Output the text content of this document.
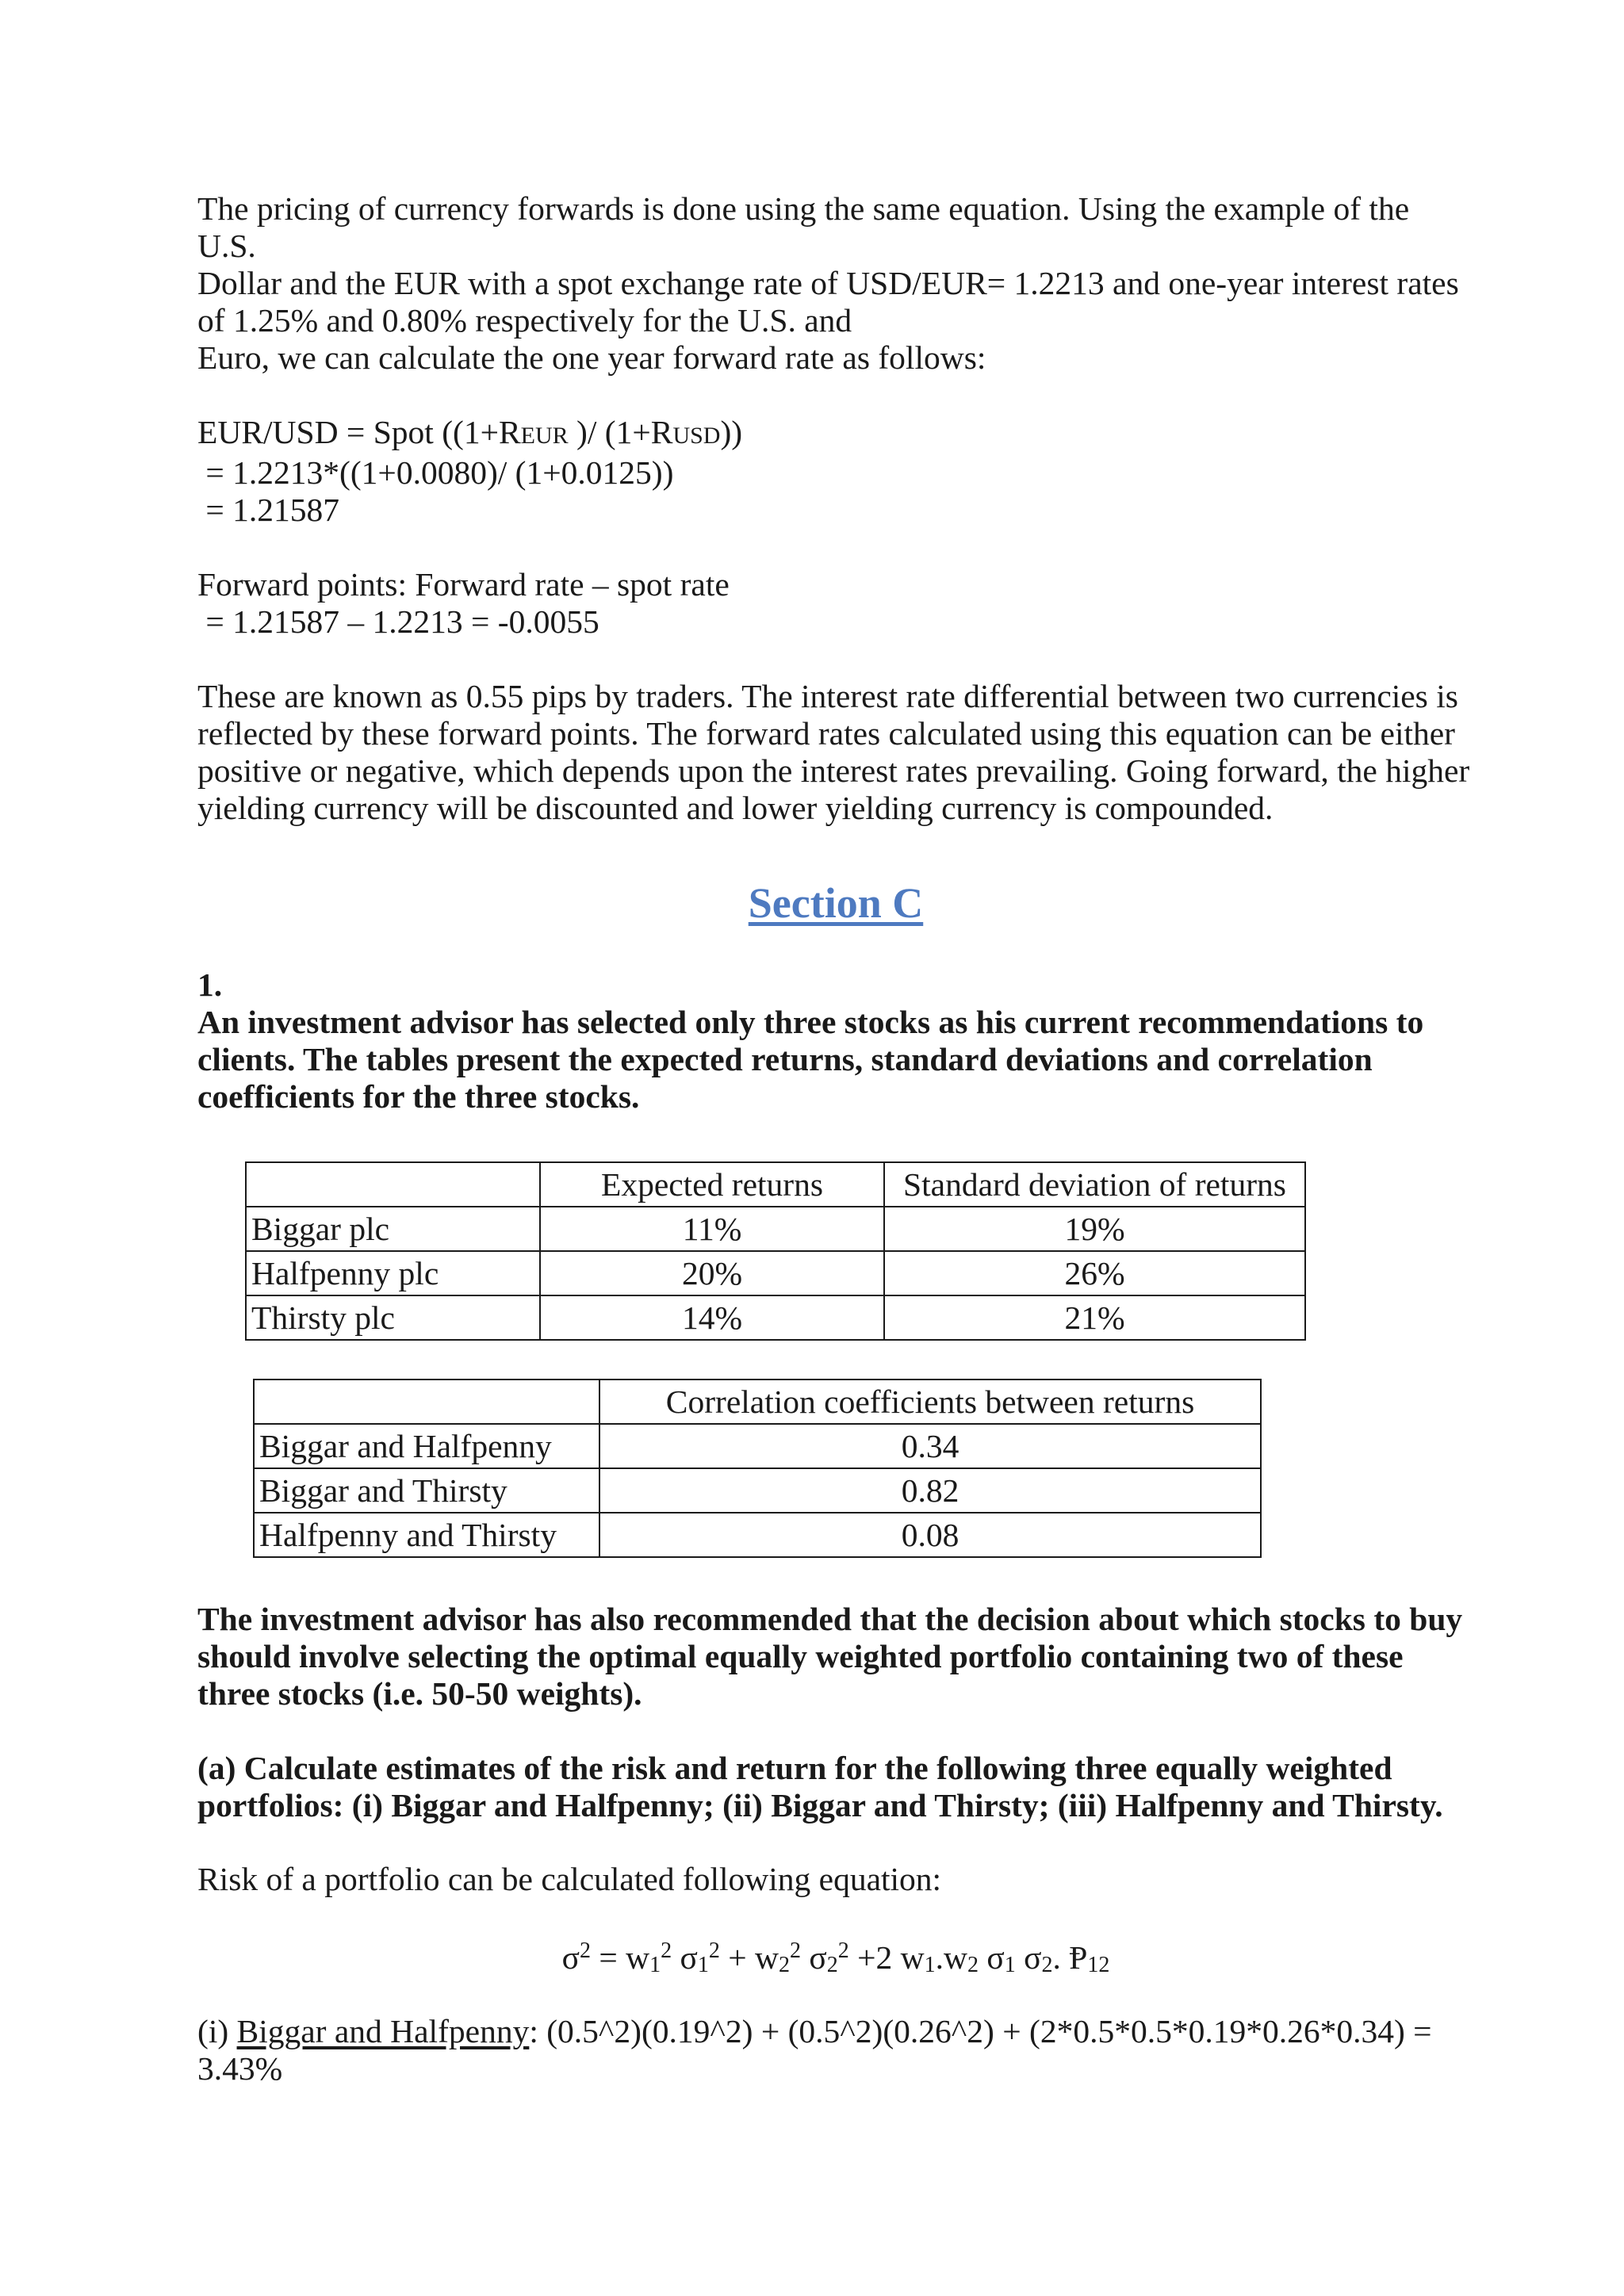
The pricing of currency forwards is done using the same equation. Using the example of the U.S.

Dollar and the EUR with a spot exchange rate of USD/EUR= 1.2213 and one-year interest rates

of 1.25% and 0.80% respectively for the U.S. and

Euro, we can calculate the one year forward rate as follows:

EUR/USD = Spot ((1+REUR )/ (1+RUSD))

= 1.2213*((1+0.0080)/ (1+0.0125))

= 1.21587

Forward points: Forward rate – spot rate

= 1.21587 – 1.2213 = -0.0055

These are known as 0.55 pips by traders. The interest rate differential between two currencies is

reflected by these forward points. The forward rates calculated using this equation can be either

positive or negative, which depends upon the interest rates prevailing. Going forward, the higher

yielding currency will be discounted and lower yielding currency is compounded.

Section C

1.

An investment advisor has selected only three stocks as his current recommendations to

clients. The tables present the expected returns, standard deviations and correlation

coefficients for the three stocks.

	Expected returns	Standard deviation of returns
Biggar plc	11%	19%
Halfpenny plc	20%	26%
Thirsty plc	14%	21%
	Correlation coefficients between returns
Biggar and Halfpenny	0.34
Biggar and Thirsty	0.82
Halfpenny and Thirsty	0.08

The investment advisor has also recommended that the decision about which stocks to buy

should involve selecting the optimal equally weighted portfolio containing two of these

three stocks (i.e. 50-50 weights).

(a) Calculate estimates of the risk and return for the following three equally weighted

portfolios: (i) Biggar and Halfpenny; (ii) Biggar and Thirsty; (iii) Halfpenny and Thirsty.

Risk of a portfolio can be calculated following equation:

$\sigma^2 = w_1^2$ $\sigma_1^2 + w_2^2$ $\sigma_2^2 +2$ $w_1.w_2$ $\sigma_1$ $\sigma_2$. Ᵽ$_{12}$

(i) Biggar and Halfpenny: (0.5^2)(0.19^2) + (0.5^2)(0.26^2) + (2*0.5*0.5*0.19*0.26*0.34) =

3.43%
